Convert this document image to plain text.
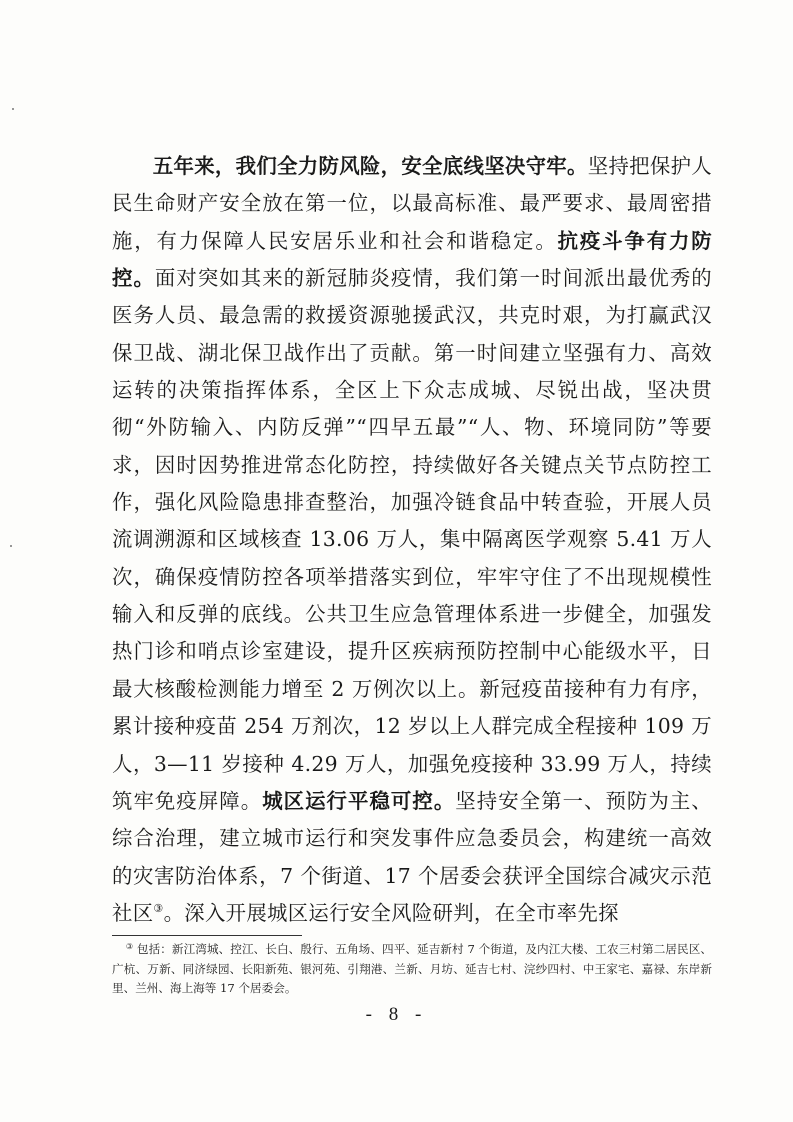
五年来，我们全力防风险，安全底线坚决守牢。坚持把保护人民生命财产安全放在第一位，以最高标准、最严要求、最周密措施，有力保障人民安居乐业和社会和谐稳定。抗疫斗争有力防控。面对突如其来的新冠肺炎疫情，我们第一时间派出最优秀的医务人员、最急需的救援资源驰援武汉，共克时艰，为打赢武汉保卫战、湖北保卫战作出了贡献。第一时间建立坚强有力、高效运转的决策指挥体系，全区上下众志成城、尽锐出战，坚决贯彻“外防输入、内防反弹”“四早五最”“人、物、环境同防”等要求，因时因势推进常态化防控，持续做好各关键点关节点防控工作，强化风险隐患排查整治，加强冷链食品中转查验，开展人员流调溯源和区域核查 13.06 万人，集中隔离医学观察 5.41 万人次，确保疫情防控各项举措落实到位，牢牢守住了不出现规模性输入和反弹的底线。公共卫生应急管理体系进一步健全，加强发热门诊和哨点诊室建设，提升区疾病预防控制中心能级水平，日最大核酸检测能力增至 2 万例次以上。新冠疫苗接种有力有序，累计接种疫苗 254 万剂次，12 岁以上人群完成全程接种 109 万人，3—11 岁接种 4.29 万人，加强免疫接种 33.99 万人，持续筑牢免疫屏障。城区运行平稳可控。坚持安全第一、预防为主、综合治理，建立城市运行和突发事件应急委员会，构建统一高效的灾害防治体系，7 个街道、17 个居委会获评全国综合减灾示范社区③。深入开展城区运行安全风险研判，在全市率先探

③ 包括：新江湾城、控江、长白、殷行、五角场、四平、延吉新村 7 个街道，及内江大楼、工农三村第二居民区、广杭、万新、同济绿园、长阳新苑、银河苑、引翔港、兰新、月坊、延吉七村、浣纱四村、中王家宅、嘉禄、东岸新里、兰州、海上海等 17 个居委会。

- 8 -
